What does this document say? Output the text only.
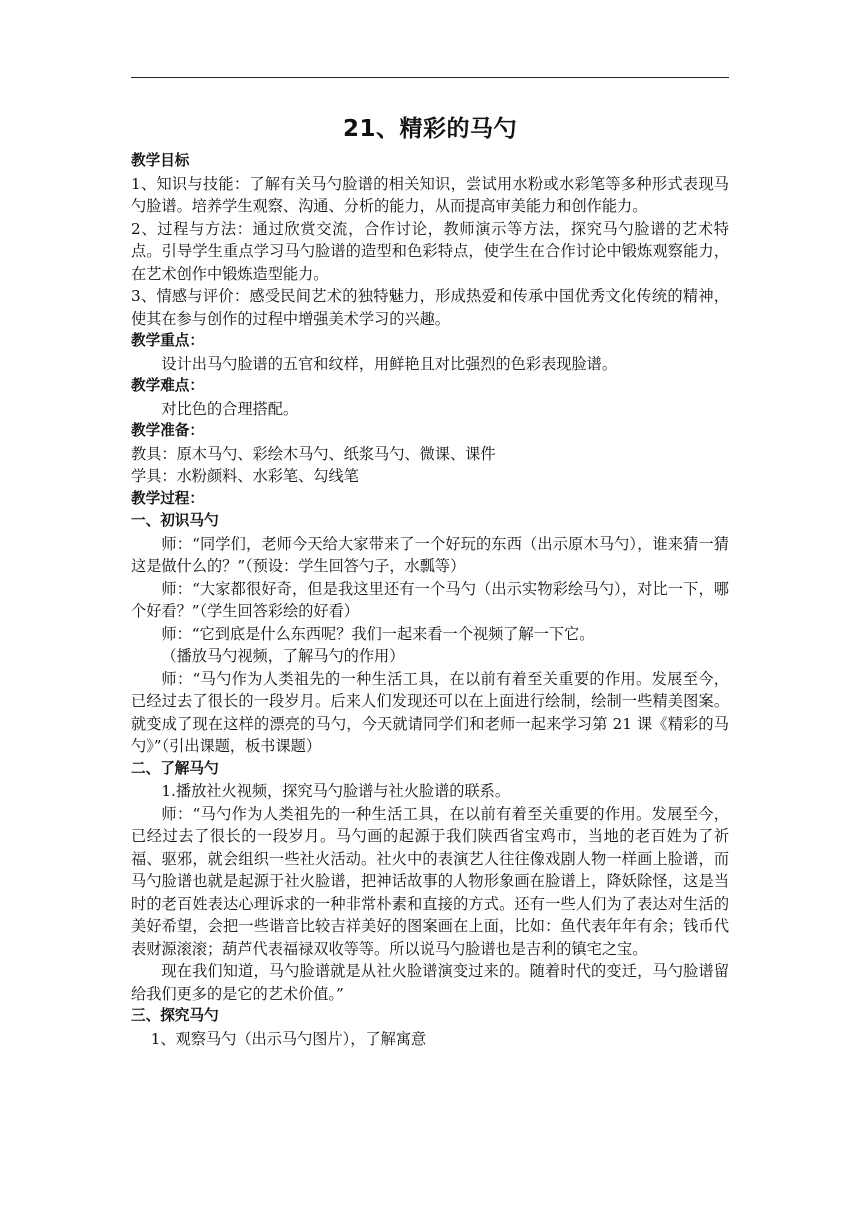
21、精彩的马勺

教学目标

1、知识与技能：了解有关马勺脸谱的相关知识，尝试用水粉或水彩笔等多种形式表现马勺脸谱。培养学生观察、沟通、分析的能力，从而提高审美能力和创作能力。

2、过程与方法：通过欣赏交流，合作讨论，教师演示等方法，探究马勺脸谱的艺术特点。引导学生重点学习马勺脸谱的造型和色彩特点，使学生在合作讨论中锻炼观察能力，在艺术创作中锻炼造型能力。

3、情感与评价：感受民间艺术的独特魅力，形成热爱和传承中国优秀文化传统的精神，使其在参与创作的过程中增强美术学习的兴趣。

教学重点：

设计出马勺脸谱的五官和纹样，用鲜艳且对比强烈的色彩表现脸谱。

教学难点：

对比色的合理搭配。

教学准备：

教具：原木马勺、彩绘木马勺、纸浆马勺、微课、课件

学具：水粉颜料、水彩笔、勾线笔

教学过程：

一、初识马勺

师：“同学们，老师今天给大家带来了一个好玩的东西（出示原木马勺），谁来猜一猜这是做什么的？”（预设：学生回答勺子，水瓢等）

师：“大家都很好奇，但是我这里还有一个马勺（出示实物彩绘马勺），对比一下，哪个好看？”（学生回答彩绘的好看）

师：“它到底是什么东西呢？我们一起来看一个视频了解一下它。

（播放马勺视频，了解马勺的作用）

师：“马勺作为人类祖先的一种生活工具，在以前有着至关重要的作用。发展至今，已经过去了很长的一段岁月。后来人们发现还可以在上面进行绘制，绘制一些精美图案。就变成了现在这样的漂亮的马勺，今天就请同学们和老师一起来学习第 21 课《精彩的马勺》”（引出课题，板书课题）

二、了解马勺

1.播放社火视频，探究马勺脸谱与社火脸谱的联系。

师：“马勺作为人类祖先的一种生活工具，在以前有着至关重要的作用。发展至今，已经过去了很长的一段岁月。马勺画的起源于我们陕西省宝鸡市，当地的老百姓为了祈福、驱邪，就会组织一些社火活动。社火中的表演艺人往往像戏剧人物一样画上脸谱，而马勺脸谱也就是起源于社火脸谱，把神话故事的人物形象画在脸谱上，降妖除怪，这是当时的老百姓表达心理诉求的一种非常朴素和直接的方式。还有一些人们为了表达对生活的美好希望，会把一些谐音比较吉祥美好的图案画在上面，比如：鱼代表年年有余；钱币代表财源滚滚；葫芦代表福禄双收等等。所以说马勺脸谱也是吉利的镇宅之宝。

现在我们知道，马勺脸谱就是从社火脸谱演变过来的。随着时代的变迁，马勺脸谱留给我们更多的是它的艺术价值。”

三、探究马勺

1、观察马勺（出示马勺图片），了解寓意
